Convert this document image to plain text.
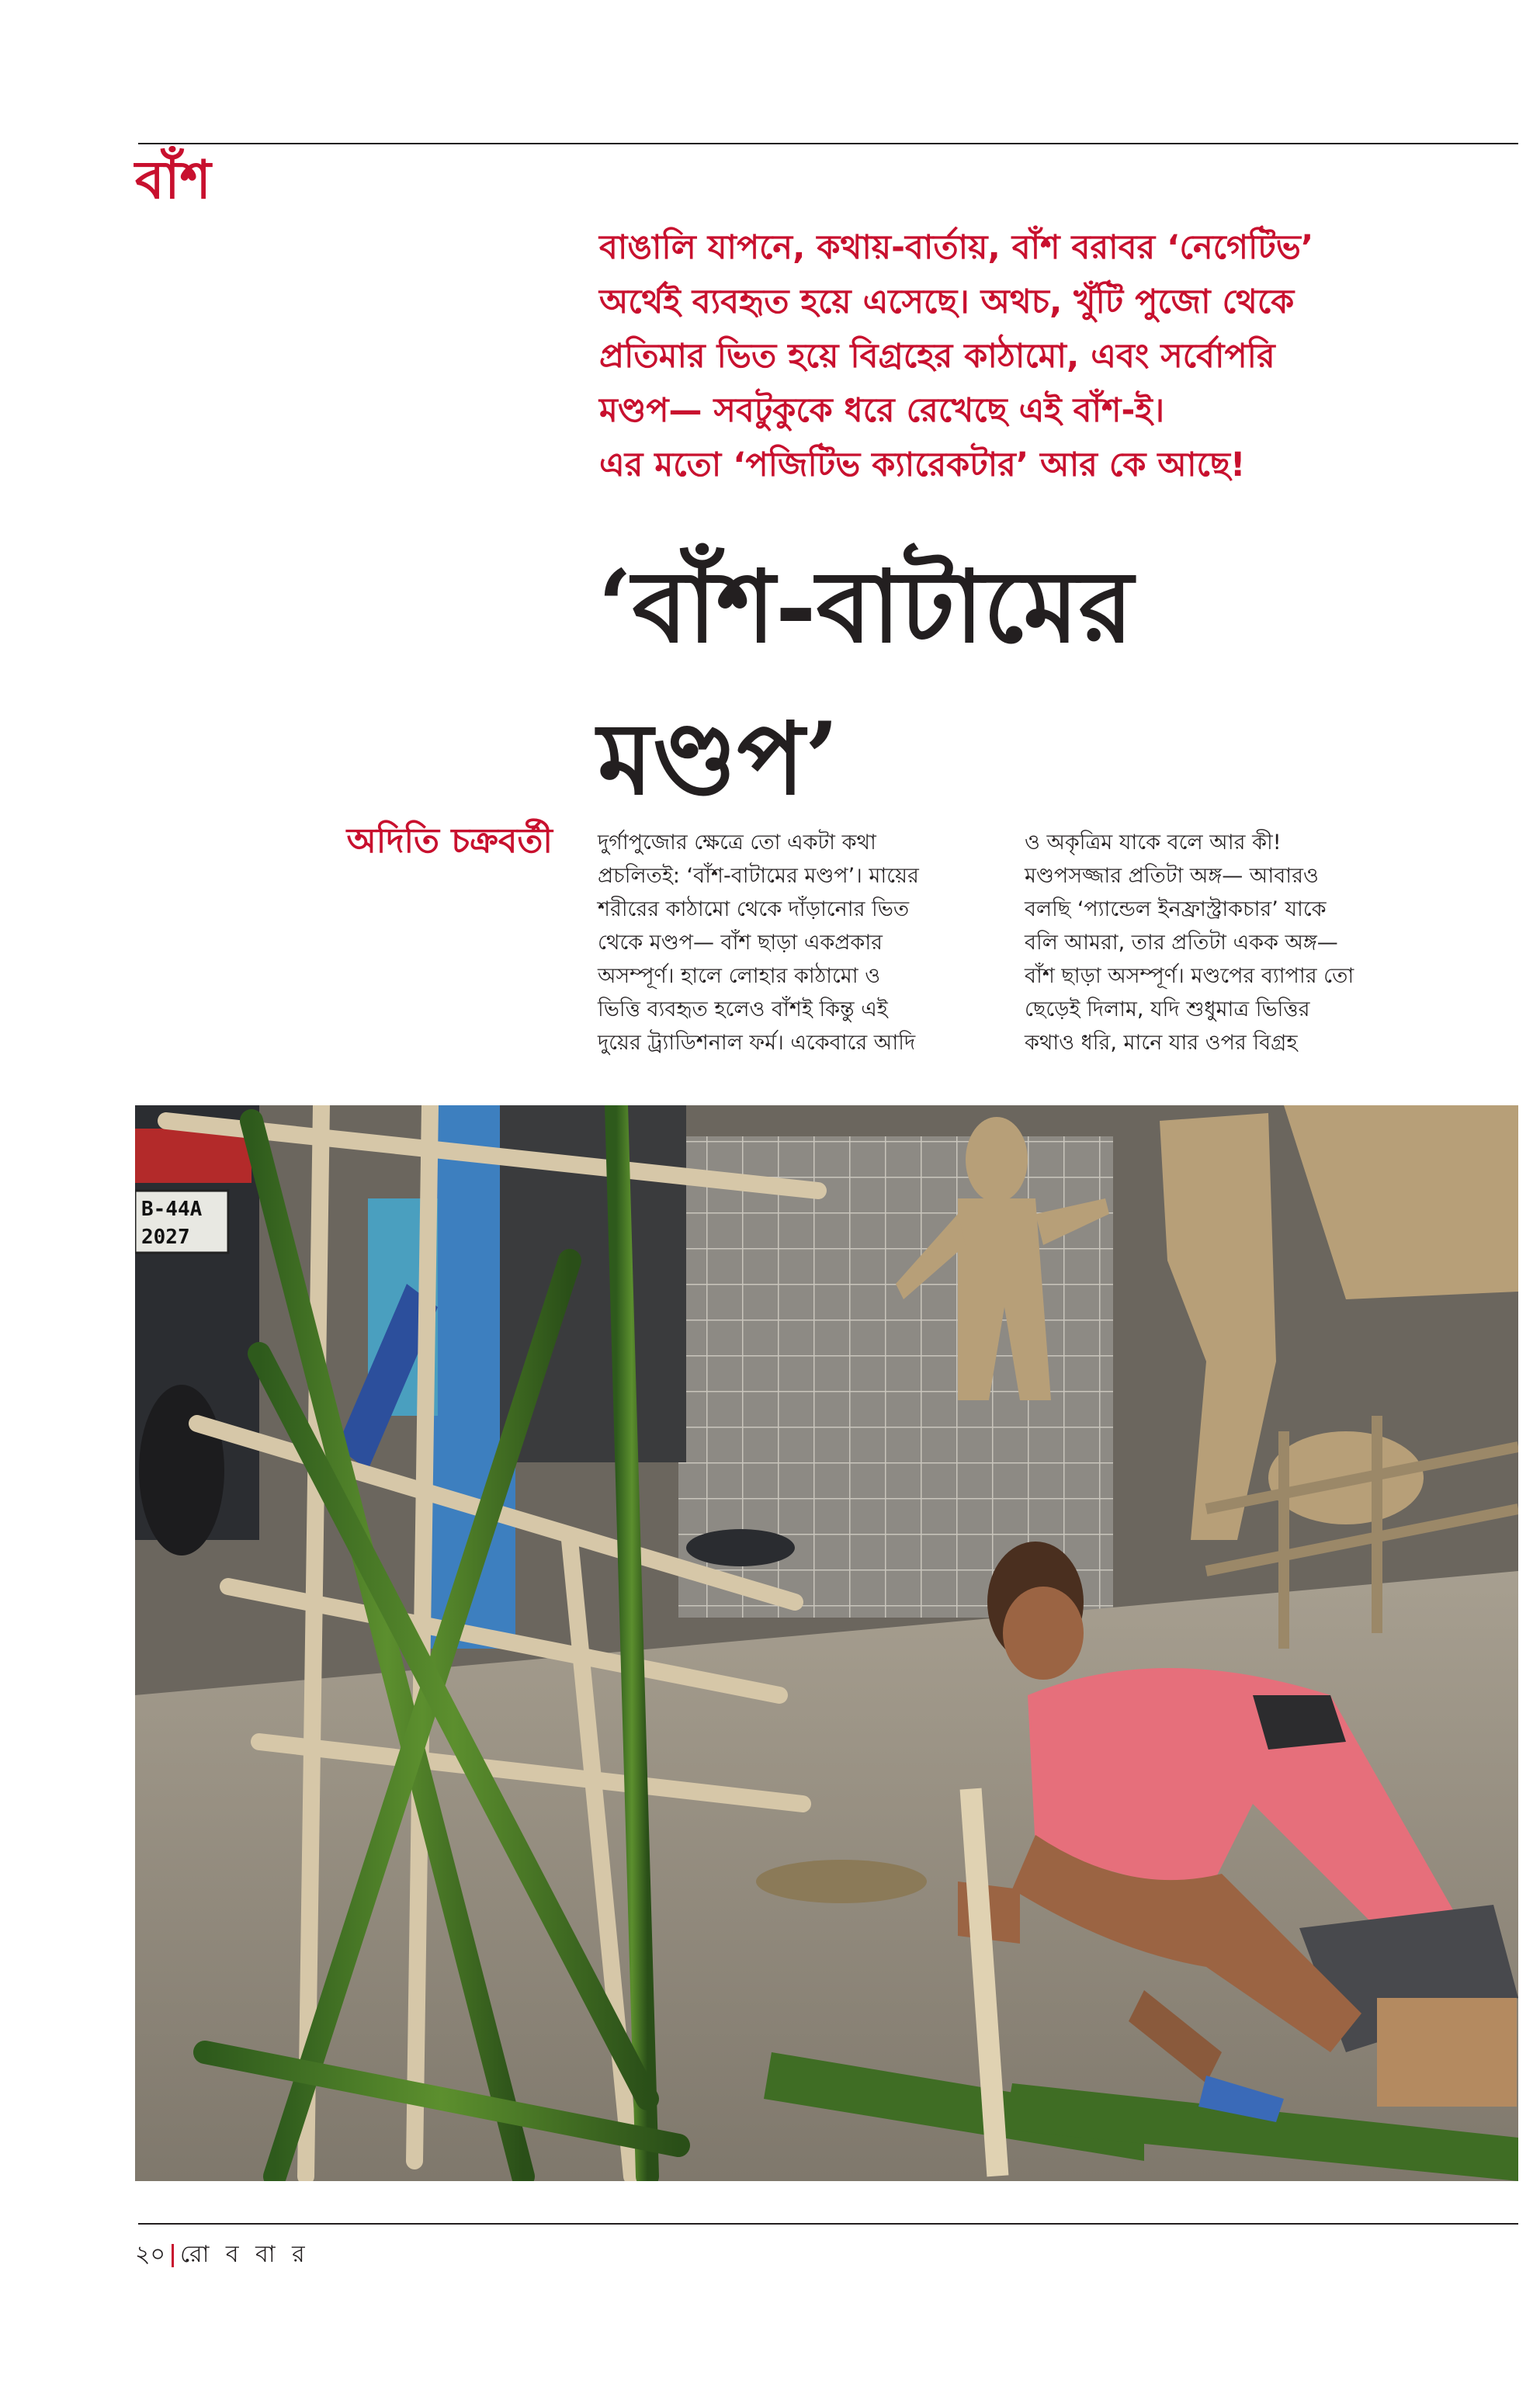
বাঁশ

বাঙালি যাপনে, কথায়-বার্তায়, বাঁশ বরাবর ‘নেগেটিভ’
অর্থেই ব্যবহৃত হয়ে এসেছে। অথচ, খুঁটি পুজো থেকে
প্রতিমার ভিত হয়ে বিগ্রহের কাঠামো, এবং সর্বোপরি
মণ্ডপ— সবটুকুকে ধরে রেখেছে এই বাঁশ-ই।
এর মতো ‘পজিটিভ ক্যারেকটার’ আর কে আছে!

‘বাঁশ-বাটামের
মণ্ডপ’
অদিতি চক্রবর্তী দুর্গাপুজোর ক্ষেত্রে তো একটা কথা
প্রচলিতই: ‘বাঁশ-বাটামের মণ্ডপ’। মায়ের
শরীরের কাঠামো থেকে দাঁড়ানোর ভিত
থেকে মণ্ডপ— বাঁশ ছাড়া একপ্রকার
অসম্পূর্ণ। হালে লোহার কাঠামো ও
ভিত্তি ব্যবহৃত হলেও বাঁশই কিন্তু এই
দুয়ের ট্র্যাডিশনাল ফর্ম। একেবারে আদি
ও অকৃত্রিম যাকে বলে আর কী!
মণ্ডপসজ্জার প্রতিটা অঙ্গ— আবারও
বলছি ‘প্যান্ডেল ইনফ্রাস্ট্রাকচার’ যাকে
বলি আমরা, তার প্রতিটা একক অঙ্গ—
বাঁশ ছাড়া অসম্পূর্ণ। মণ্ডপের ব্যাপার তো
ছেড়েই দিলাম, যদি শুধুমাত্র ভিত্তির
কথাও ধরি, মানে যার ওপর বিগ্রহ
B-44A
2027
২০ রো ব বা র
